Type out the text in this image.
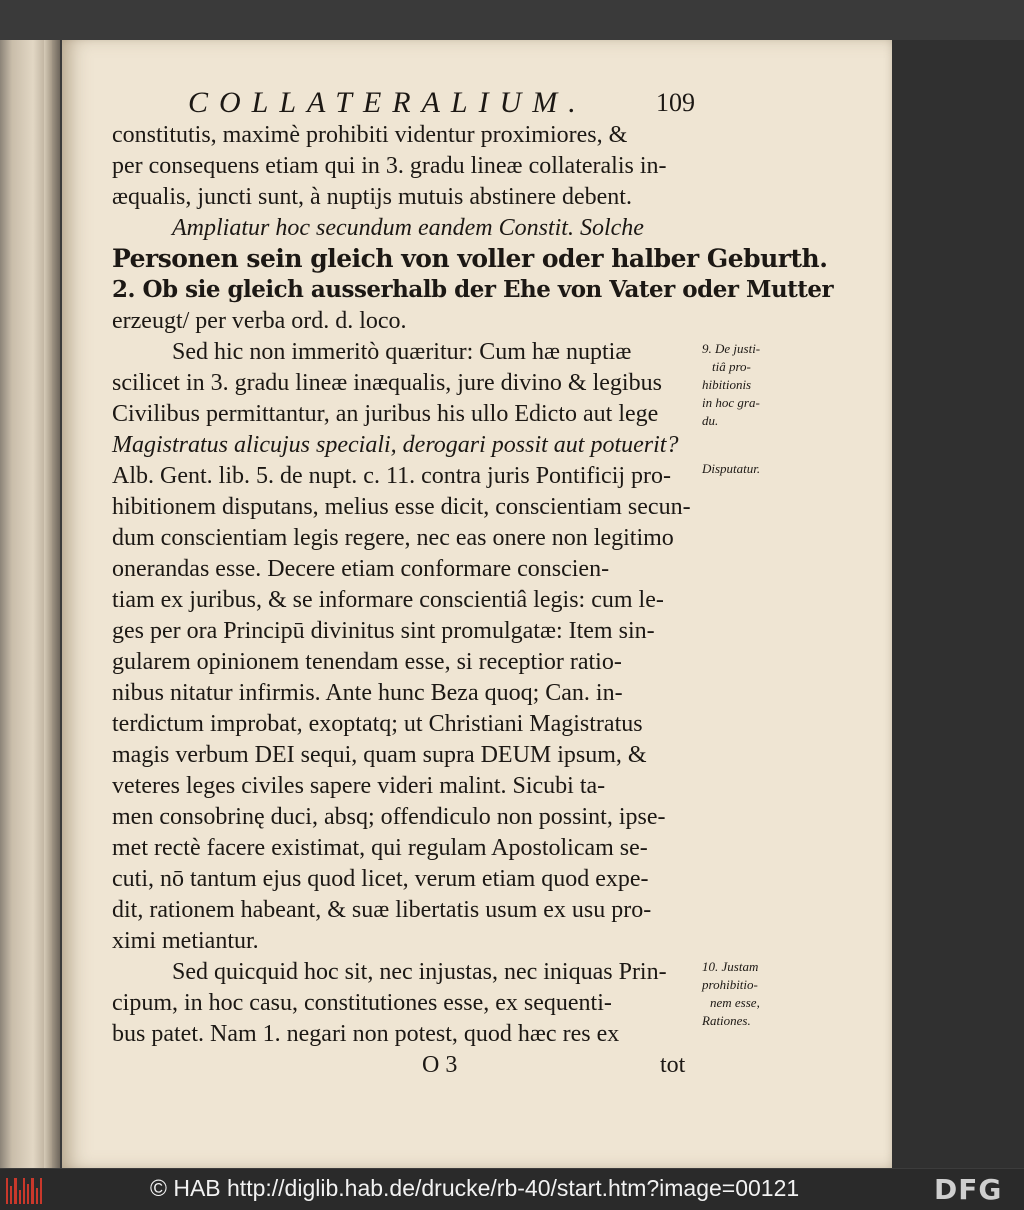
COLLATERALIUM.	109
constitutis, maximè prohibiti videntur proximiores, &
per consequens etiam qui in 3. gradu lineæ collateralis in-
æqualis, juncti sunt, à nuptijs mutuis abstinere debent.
Ampliatur hoc secundum eandem Constit. Solche
Personen sein gleich von voller oder halber Geburth.
2. Ob sie gleich ausserhalb der Ehe von Vater oder Mutter
erzeugt/ per verba ord. d. loco.
Sed hic non immeritò quæritur: Cum hæ nuptiæ
scilicet in 3. gradu lineæ inæqualis, jure divino & legibus
Civilibus permittantur, an juribus his ullo Edicto aut lege
Magistratus alicujus speciali, derogari possit aut potuerit?
Alb. Gent. lib. 5. de nupt. c. 11. contra juris Pontificij pro-
hibitionem disputans, melius esse dicit, conscientiam secun-
dum conscientiam legis regere, nec eas onere non legitimo
onerandas esse. Decere etiam conformare conscien-
tiam ex juribus, & se informare conscientiâ legis: cum le-
ges per ora Principū divinitus sint promulgatæ: Item sin-
gularem opinionem tenendam esse, si receptior ratio-
nibus nitatur infirmis. Ante hunc Beza quoq; Can. in-
terdictum improbat, exoptatq; ut Christiani Magistratus
magis verbum DEI sequi, quam supra DEUM ipsum, &
veteres leges civiles sapere videri malint. Sicubi ta-
men consobrinę duci, absq; offendiculo non possint, ipse-
met rectè facere existimat, qui regulam Apostolicam se-
cuti, nō tantum ejus quod licet, verum etiam quod expe-
dit, rationem habeant, & suæ libertatis usum ex usu pro-
ximi metiantur.
Sed quicquid hoc sit, nec injustas, nec iniquas Prin-
cipum, in hoc casu, constitutiones esse, ex sequenti-
bus patet. Nam 1. negari non potest, quod hæc res ex
9. De justi-
tiâ pro-
hibitionis
in hoc gra-
du.
Disputatur.
10. Justam
prohibitio-
nem esse,
Rationes.
O 3	tot
© HAB http://diglib.hab.de/drucke/rb-40/start.htm?image=00121	DFG
